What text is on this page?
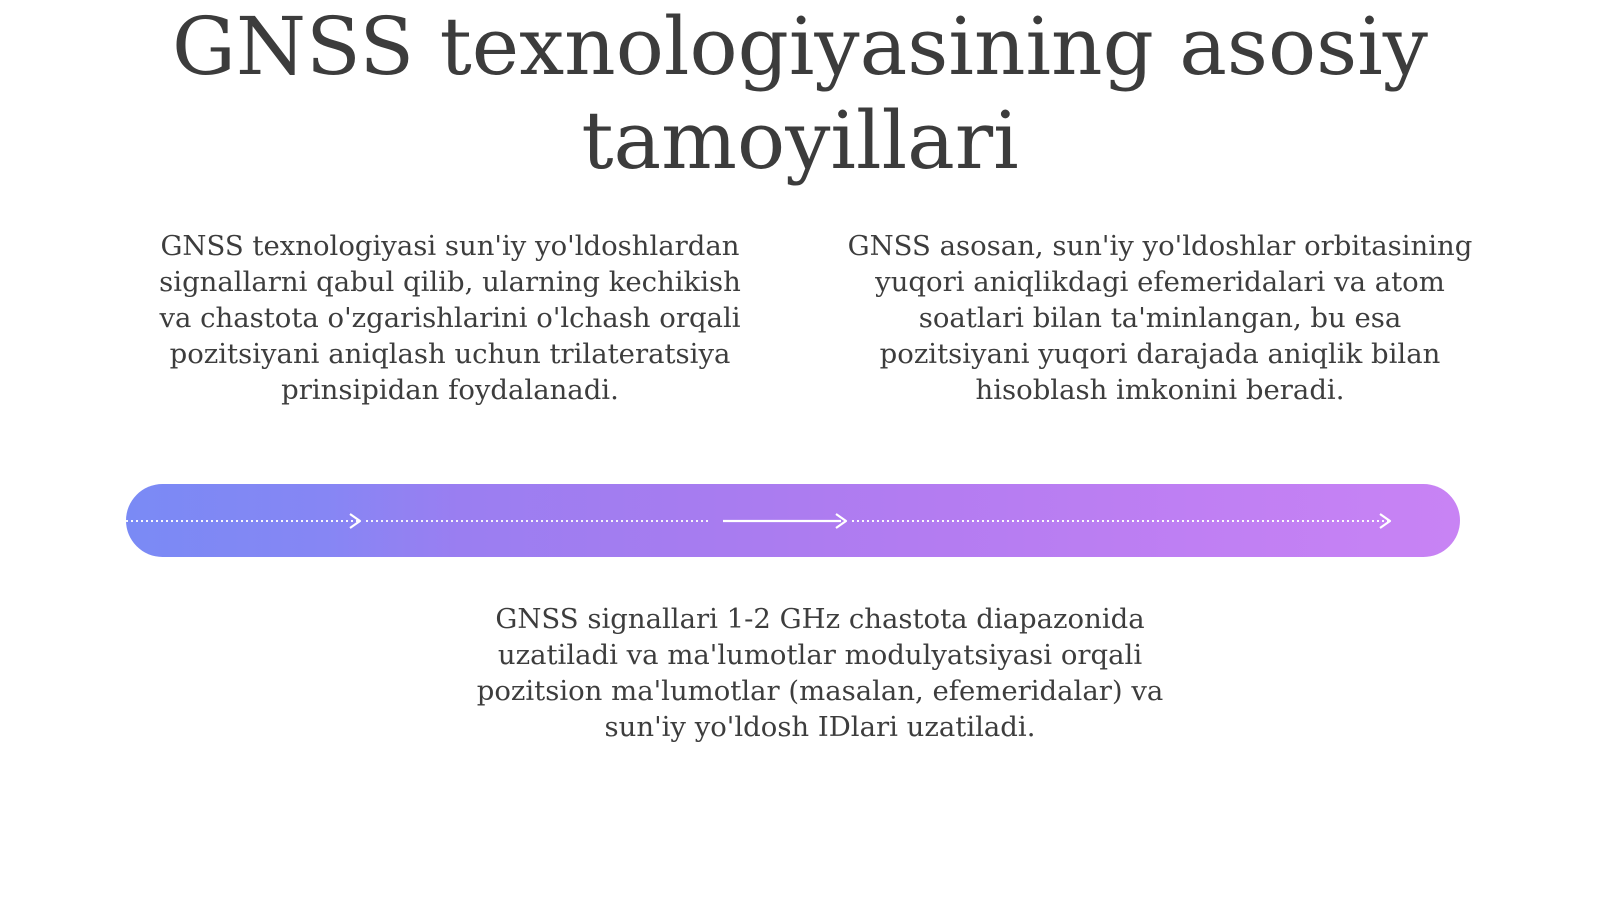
GNSS texnologiyasining asosiy tamoyillari

GNSS texnologiyasi sun'iy yo'ldoshlardan signallarni qabul qilib, ularning kechikish va chastota o'zgarishlarini o'lchash orqali pozitsiyani aniqlash uchun trilateratsiya prinsipidan foydalanadi.

GNSS asosan, sun'iy yo'ldoshlar orbitasining yuqori aniqlikdagi efemeridalari va atom soatlari bilan ta'minlangan, bu esa pozitsiyani yuqori darajada aniqlik bilan hisoblash imkonini beradi.

GNSS signallari 1-2 GHz chastota diapazonida uzatiladi va ma'lumotlar modulyatsiyasi orqali pozitsion ma'lumotlar (masalan, efemeridalar) va sun'iy yo'ldosh IDlari uzatiladi.
